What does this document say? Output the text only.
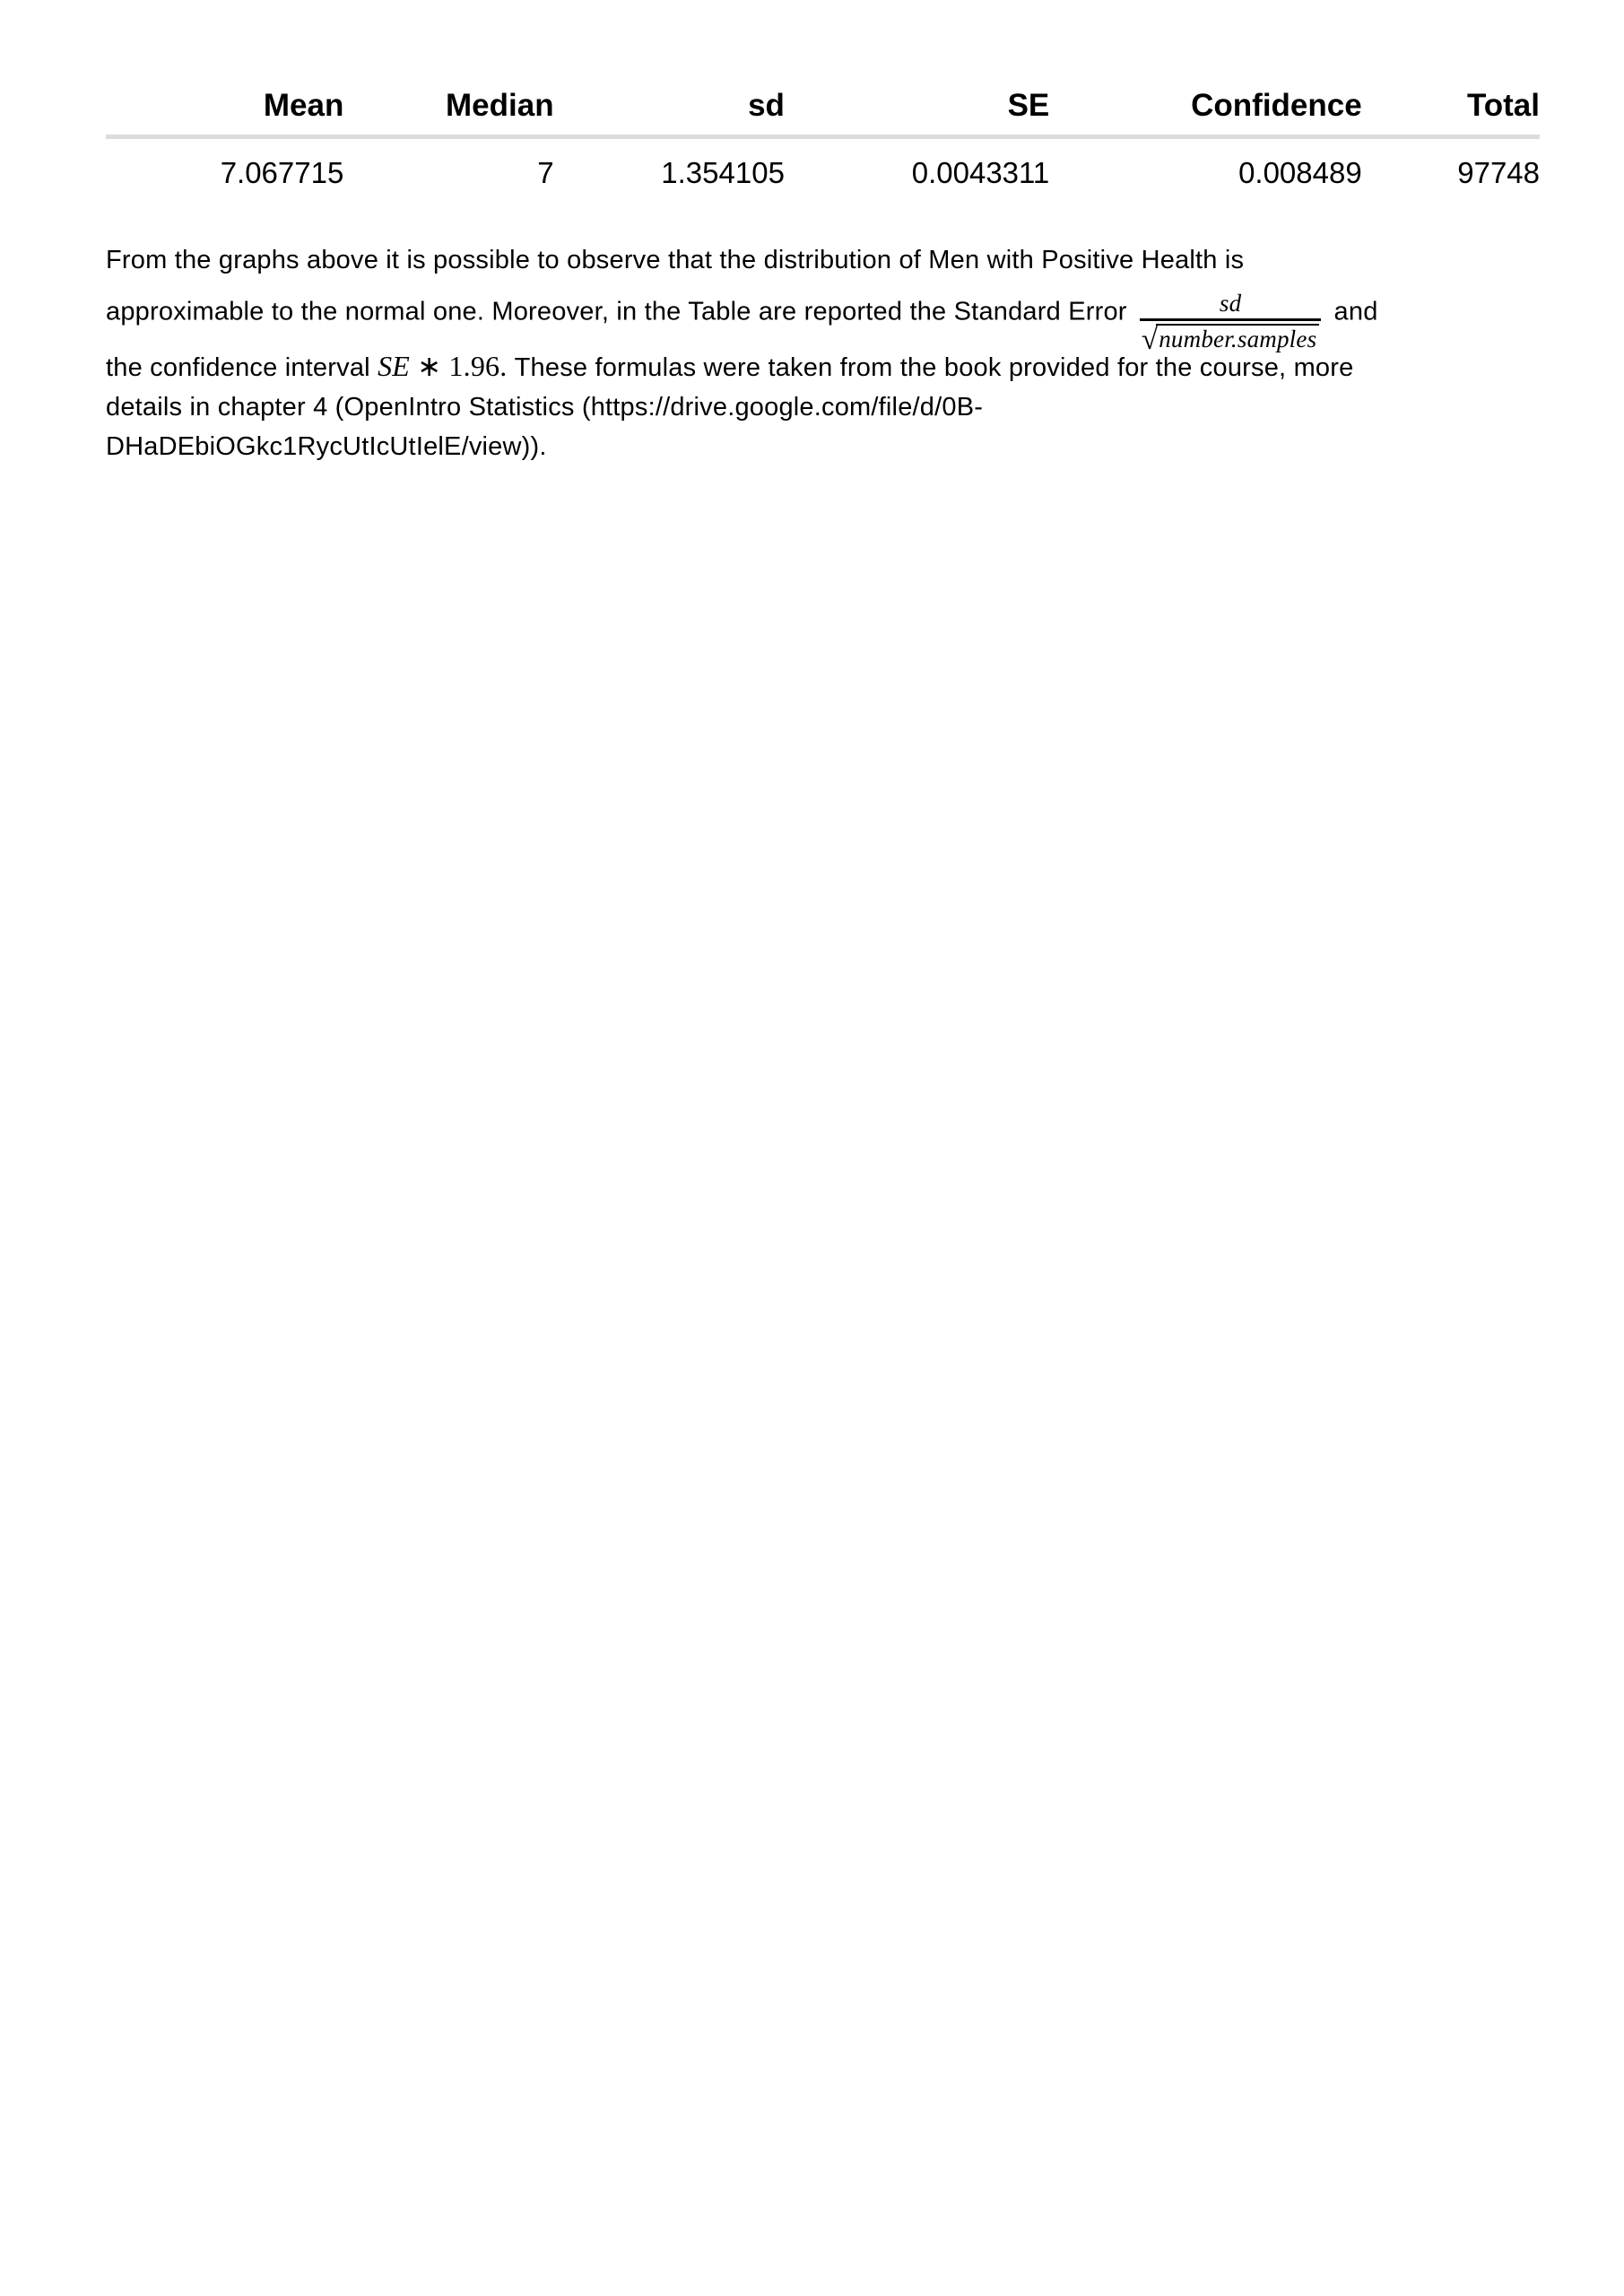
Mean	Median	sd	SE	Confidence	Total
7.067715	7	1.354105	0.0043311	0.008489	97748
From the graphs above it is possible to observe that the distribution of Men with Positive Health is
approximable to the normal one. Moreover, in the Table are reported the Standard Error $\frac{sd}{\text{√number.samples}}$ and
the confidence interval SE ∗ 1.96. These formulas were taken from the book provided for the course, more
details in chapter 4 (OpenIntro Statistics (https://drive.google.com/file/d/0B-
DHaDEbiOGkc1RycUtIcUtIelE/view)).
